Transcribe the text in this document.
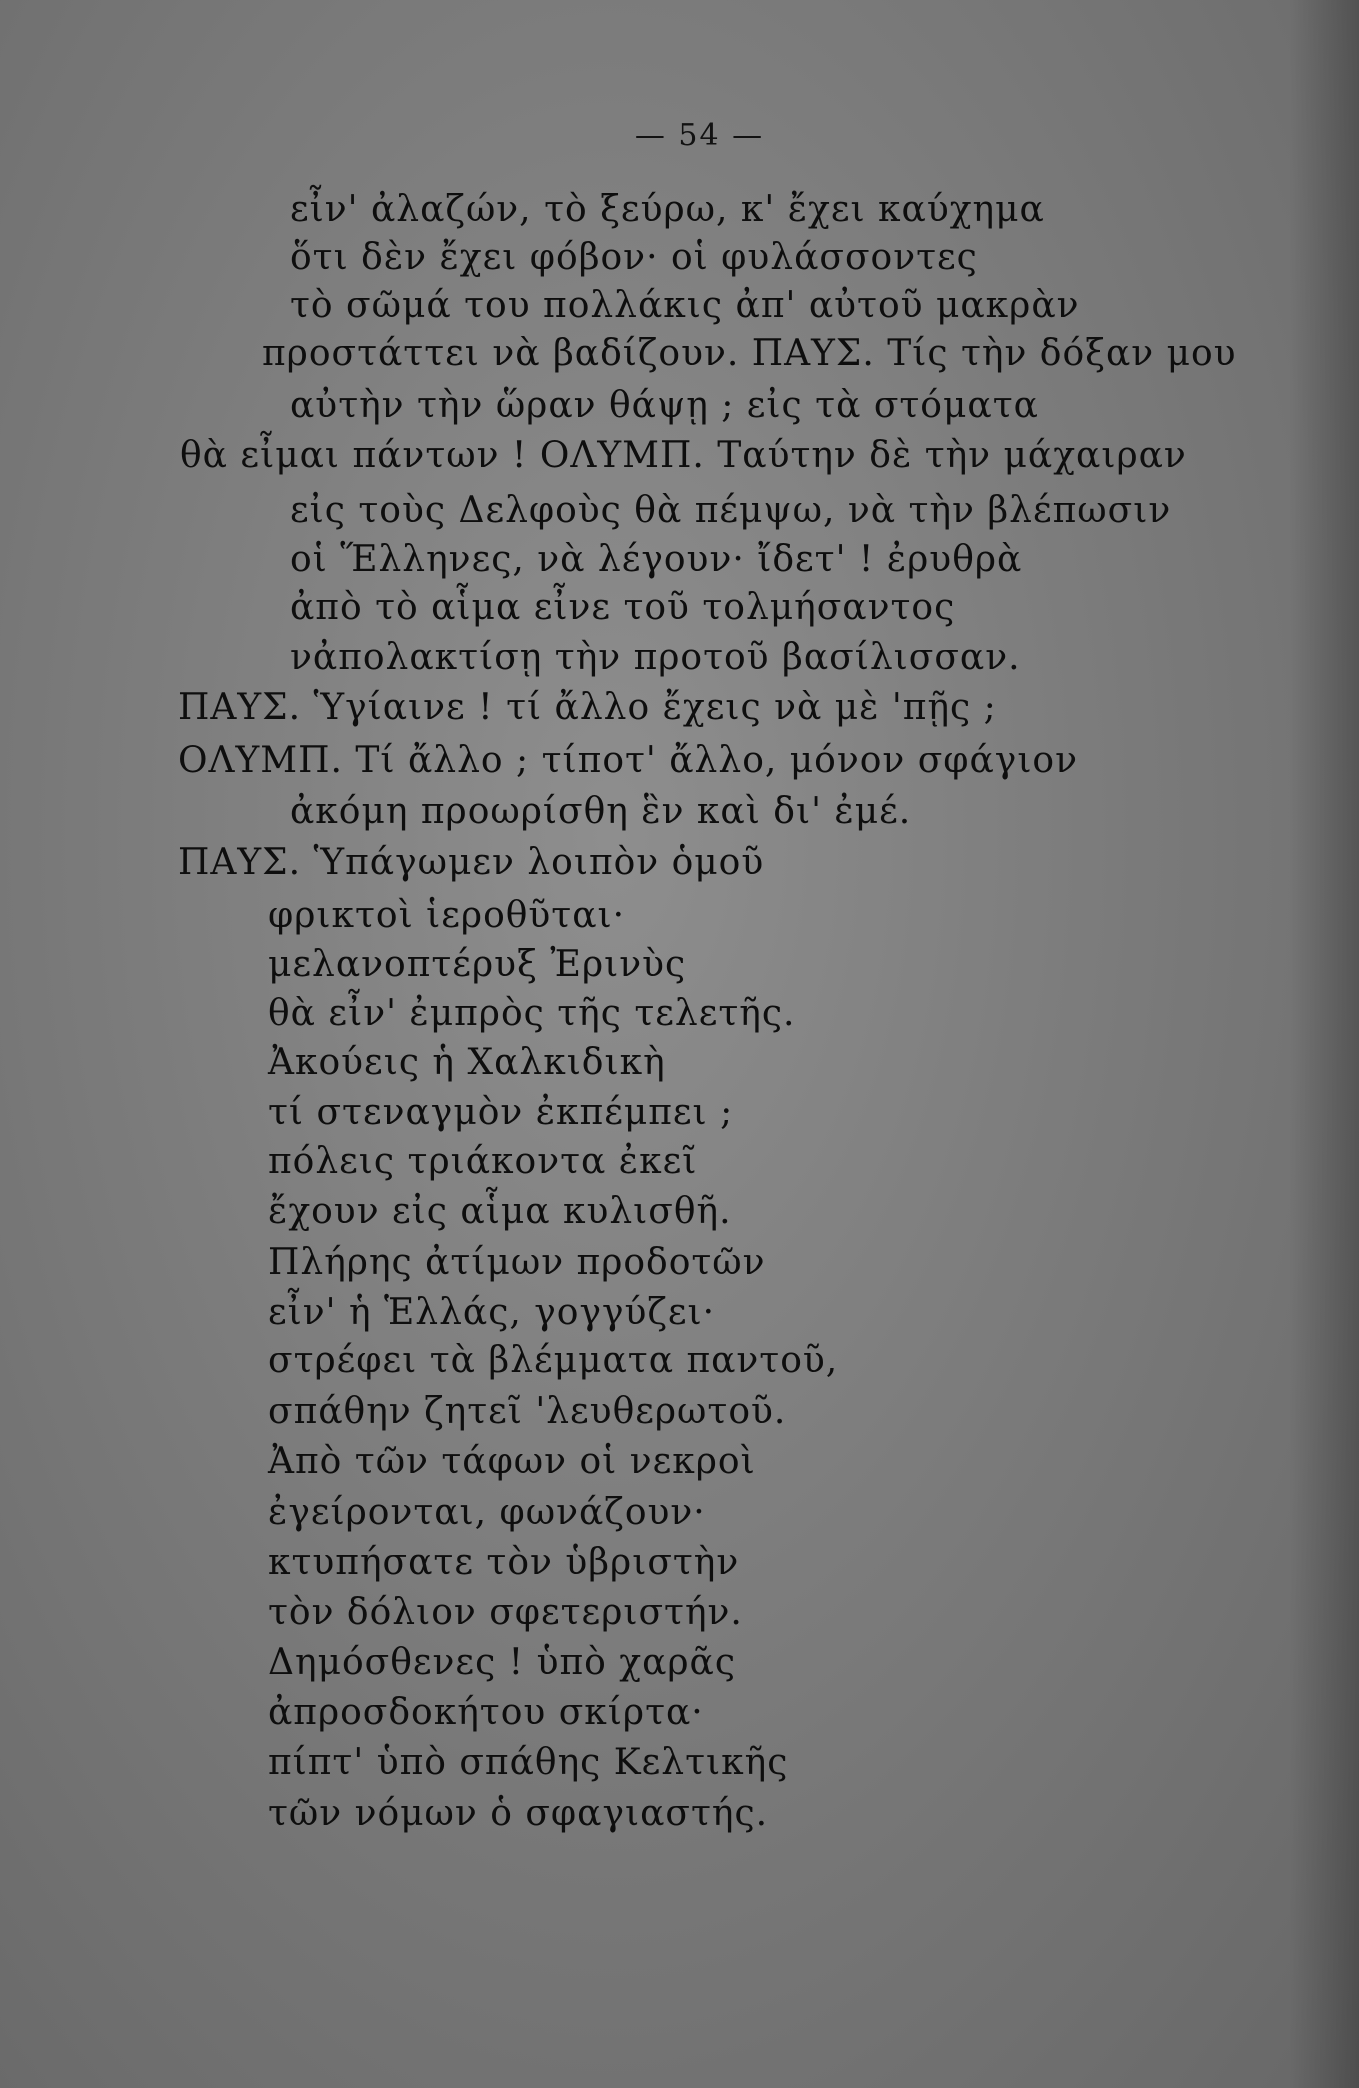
— 54 —
εἶν' ἀλαζών, τὸ ξεύρω, κ' ἔχει καύχημα
ὅτι δὲν ἔχει φόβον· οἱ φυλάσσοντες
τὸ σῶμά του πολλάκις ἀπ' αὐτοῦ μακρὰν
προστάττει νὰ βαδίζουν. ΠΑΥΣ. Τίς τὴν δόξαν μου
αὐτὴν τὴν ὥραν θάψῃ ; εἰς τὰ στόματα
θὰ εἶμαι πάντων ! ΟΛΥΜΠ. Ταύτην δὲ τὴν μάχαιραν
εἰς τοὺς Δελφοὺς θὰ πέμψω, νὰ τὴν βλέπωσιν
οἱ Ἕλληνες, νὰ λέγουν· ἴδετ' ! ἐρυθρὰ
ἀπὸ τὸ αἷμα εἶνε τοῦ τολμήσαντος
νἀπολακτίσῃ τὴν προτοῦ βασίλισσαν.
ΠΑΥΣ. Ὑγίαινε ! τί ἄλλο ἔχεις νὰ μὲ 'πῇς ;
ΟΛΥΜΠ. Τί ἄλλο ; τίποτ' ἄλλο, μόνον σφάγιον
ἀκόμη προωρίσθη ἓν καὶ δι' ἐμέ.
ΠΑΥΣ. Ὑπάγωμεν λοιπὸν ὁμοῦ
φρικτοὶ ἱεροθῦται·
μελανοπτέρυξ Ἐρινὺς
θὰ εἶν' ἐμπρὸς τῆς τελετῆς.
Ἀκούεις ἡ Χαλκιδικὴ
τί στεναγμὸν ἐκπέμπει ;
πόλεις τριάκοντα ἐκεῖ
ἔχουν εἰς αἷμα κυλισθῆ.
Πλήρης ἀτίμων προδοτῶν
εἶν' ἡ Ἑλλάς, γογγύζει·
στρέφει τὰ βλέμματα παντοῦ,
σπάθην ζητεῖ 'λευθερωτοῦ.
Ἀπὸ τῶν τάφων οἱ νεκροὶ
ἐγείρονται, φωνάζουν·
κτυπήσατε τὸν ὑβριστὴν
τὸν δόλιον σφετεριστήν.
Δημόσθενες ! ὑπὸ χαρᾶς
ἀπροσδοκήτου σκίρτα·
πίπτ' ὑπὸ σπάθης Κελτικῆς
τῶν νόμων ὁ σφαγιαστής.
